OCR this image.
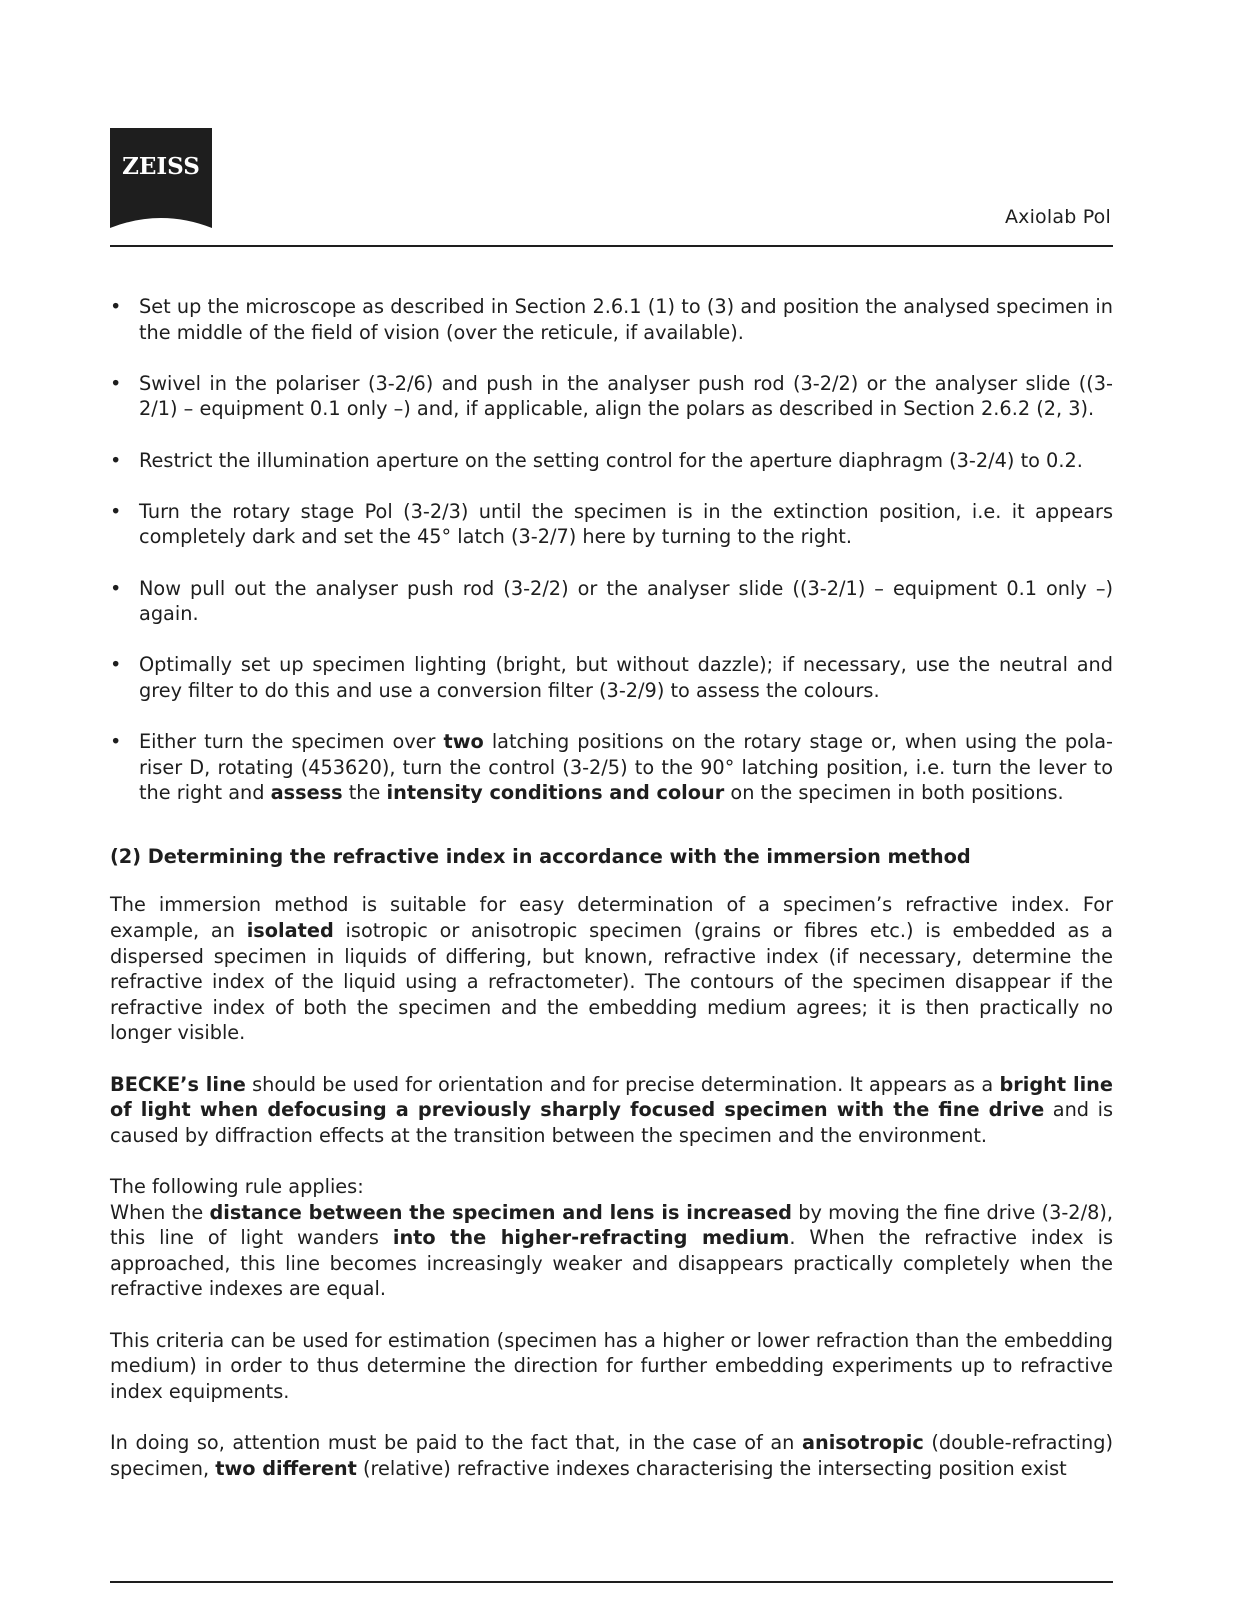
ZEISS
Axiolab Pol
• Set up the microscope as described in Section 2.6.1 (1) to (3) and position the analysed specimen in the middle of the field of vision (over the reticule, if available).
• Swivel in the polariser (3-2/6) and push in the analyser push rod (3-2/2) or the analyser slide ((3-2/1) – equipment 0.1 only –) and, if applicable, align the polars as described in Section 2.6.2 (2, 3).
• Restrict the illumination aperture on the setting control for the aperture diaphragm (3-2/4) to 0.2.
• Turn the rotary stage Pol (3-2/3) until the specimen is in the extinction position, i.e. it appears completely dark and set the 45° latch (3-2/7) here by turning to the right.
• Now pull out the analyser push rod (3-2/2) or the analyser slide ((3-2/1) – equipment 0.1 only –) again.
• Optimally set up specimen lighting (bright, but without dazzle); if necessary, use the neutral and grey filter to do this and use a conversion filter (3-2/9) to assess the colours.
• Either turn the specimen over two latching positions on the rotary stage or, when using the pola-riser D, rotating (453620), turn the control (3-2/5) to the 90° latching position, i.e. turn the lever to the right and assess the intensity conditions and colour on the specimen in both positions.
(2) Determining the refractive index in accordance with the immersion method

The immersion method is suitable for easy determination of a specimen’s refractive index. For example, an isolated isotropic or anisotropic specimen (grains or fibres etc.) is embedded as a dispersed specimen in liquids of differing, but known, refractive index (if necessary, determine the refractive index of the liquid using a refractometer). The contours of the specimen disappear if the refractive index of both the specimen and the embedding medium agrees; it is then practically no longer visible.

BECKE’s line should be used for orientation and for precise determination. It appears as a bright line of light when defocusing a previously sharply focused specimen with the fine drive and is caused by diffraction effects at the transition between the specimen and the environment.

The following rule applies:

When the distance between the specimen and lens is increased by moving the fine drive (3-2/8), this line of light wanders into the higher-refracting medium. When the refractive index is approached, this line becomes increasingly weaker and disappears practically completely when the refractive indexes are equal.

This criteria can be used for estimation (specimen has a higher or lower refraction than the embedding medium) in order to thus determine the direction for further embedding experiments up to refractive index equipments.

In doing so, attention must be paid to the fact that, in the case of an anisotropic (double-refracting) specimen, two different (relative) refractive indexes characterising the intersecting position exist
